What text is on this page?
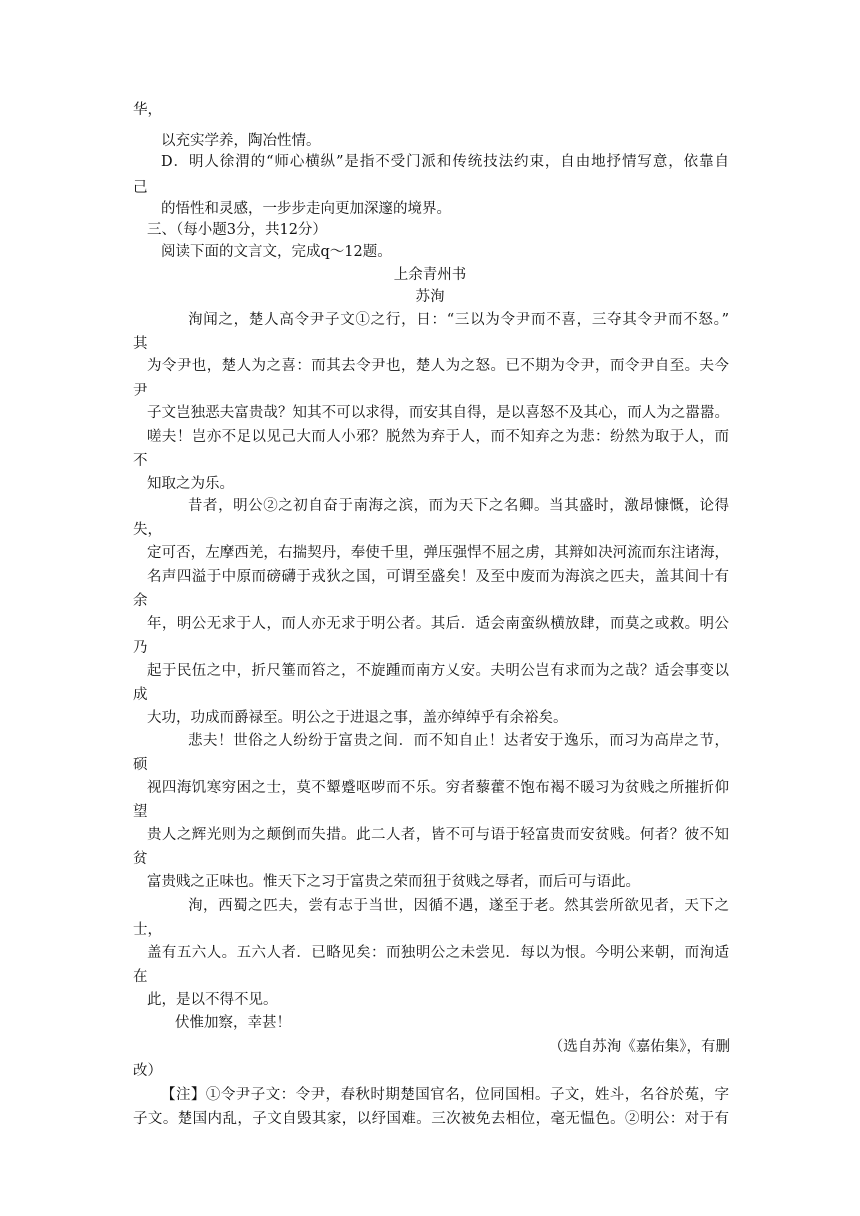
华，
以充实学养，陶冶性情。
D．明人徐渭的“师心横纵”是指不受门派和传统技法约束，自由地抒情写意，依靠自
己
的悟性和灵感，一步步走向更加深邃的境界。
三、（每小题3分，共12分）
阅读下面的文言文，完成q～12题。
上余青州书
苏洵
洵闻之，楚人高令尹子文①之行，日：“三以为令尹而不喜，三夺其令尹而不怒。”
其
为令尹也，楚人为之喜：而其去令尹也，楚人为之怒。已不期为令尹，而令尹自至。夫今
尹
子文岂独恶夫富贵哉？知其不可以求得，而安其自得，是以喜怒不及其心，而人为之嚣嚣。
嗟夫！岂亦不足以见己大而人小邪？脱然为弃于人，而不知弃之为悲：纷然为取于人，而
不
知取之为乐。
昔者，明公②之初自奋于南海之滨，而为天下之名卿。当其盛时，激昂慷慨，论得
失，
定可否，左摩西羌，右揣契丹，奉使千里，弹压强悍不屈之虏，其辩如决河流而东注诸海，
名声四溢于中原而磅礴于戎狄之国，可谓至盛矣！及至中废而为海滨之匹夫，盖其间十有
余
年，明公无求于人，而人亦无求于明公者。其后．适会南蛮纵横放肆，而莫之或救。明公
乃
起于民伍之中，折尺箠而笞之，不旋踵而南方乂安。夫明公岂有求而为之哉？适会事变以
成
大功，功成而爵禄至。明公之于进退之事，盖亦绰绰乎有余裕矣。
悲夫！世俗之人纷纷于富贵之间．而不知自止！达者安于逸乐，而习为高岸之节，
硕
视四海饥寒穷困之士，莫不颦蹙呕哕而不乐。穷者藜藿不饱布褐不暖习为贫贱之所摧折仰
望
贵人之辉光则为之颠倒而失措。此二人者，皆不可与语于轻富贵而安贫贱。何者？彼不知
贫
富贵贱之正味也。惟天下之习于富贵之荣而狃于贫贱之辱者，而后可与语此。
洵，西蜀之匹夫，尝有志于当世，因循不遇，遂至于老。然其尝所欲见者，天下之
士，
盖有五六人。五六人者．已略见矣：而独明公之未尝见．每以为恨。今明公来朝，而洵适
在
此，是以不得不见。
伏惟加察，幸甚！
（选自苏洵《嘉佑集》，有删
改）
【注】①令尹子文：令尹，春秋时期楚国官名，位同国相。子文，姓斗，名谷於菟，字
子文。楚国内乱，子文自毁其家，以纾国难。三次被免去相位，毫无愠色。②明公：对于有
